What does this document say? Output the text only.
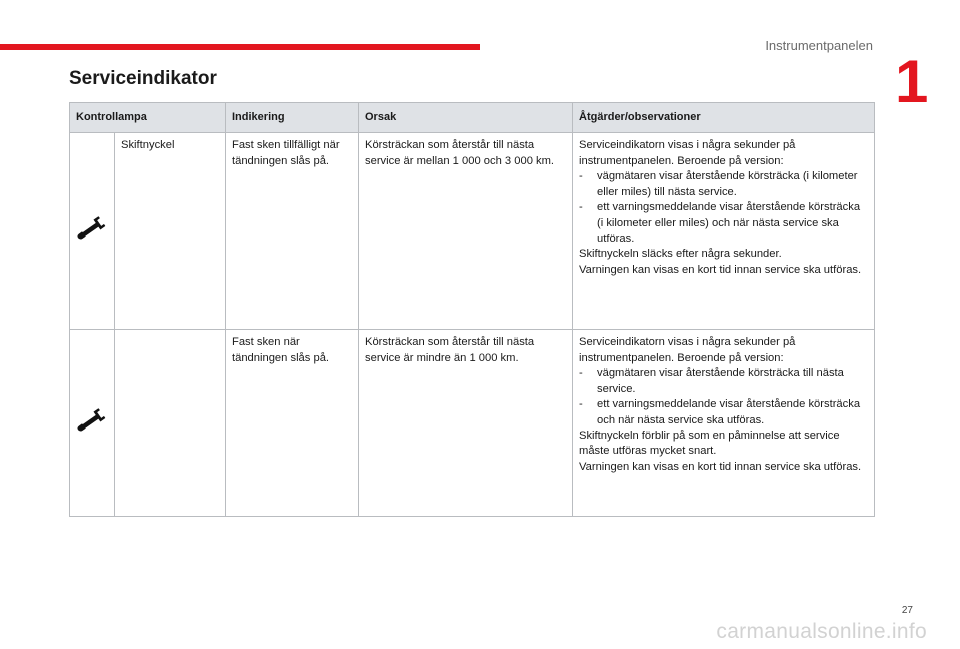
Instrumentpanelen
1
Serviceindikator
Kontrollampa		Indikering	Orsak	Åtgärder/observationer
	Skiftnyckel	Fast sken tillfälligt när tändningen slås på.	Körsträckan som återstår till nästa service är mellan 1 000 och 3 000 km.	Serviceindikatorn visas i några sekunder på instrumentpanelen. Beroende på version:
- vägmätaren visar återstående körsträcka (i kilometer eller miles) till nästa service.
- ett varningsmeddelande visar återstående körsträcka (i kilometer eller miles) och när nästa service ska utföras.
Skiftnyckeln släcks efter några sekunder.
Varningen kan visas en kort tid innan service ska utföras.

		Fast sken när tändningen slås på.	Körsträckan som återstår till nästa service är mindre än 1 000 km.	Serviceindikatorn visas i några sekunder på instrumentpanelen. Beroende på version:
- vägmätaren visar återstående körsträcka till nästa service.
- ett varningsmeddelande visar återstående körsträcka och när nästa service ska utföras.
Skiftnyckeln förblir på som en påminnelse att service måste utföras mycket snart.
Varningen kan visas en kort tid innan service ska utföras.
27
carmanualsonline.info
